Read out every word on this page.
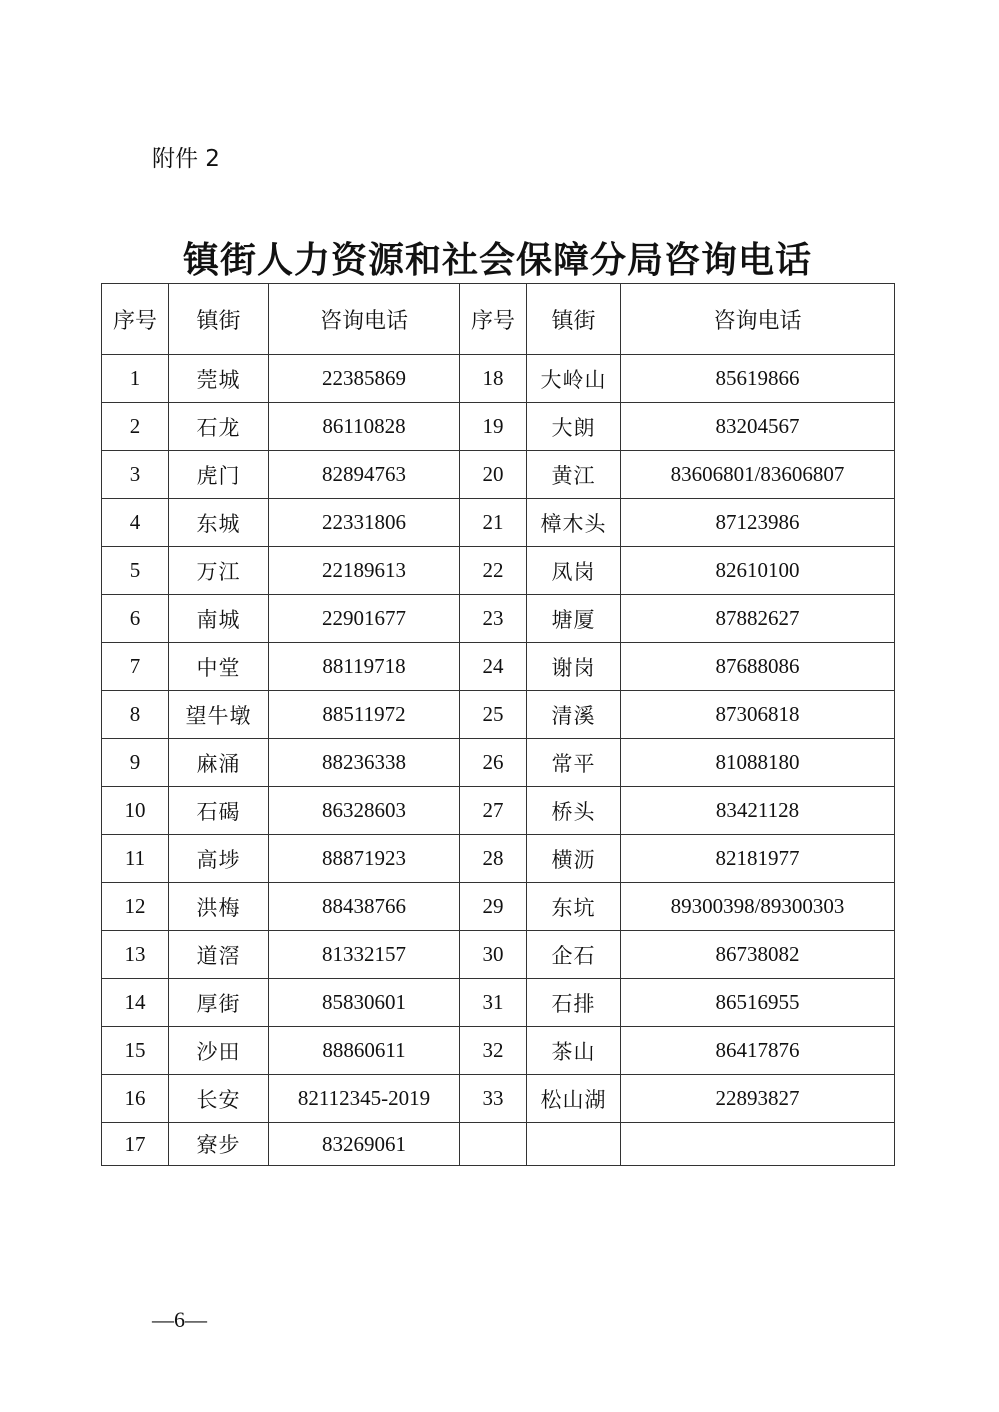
附件 2
镇街人力资源和社会保障分局咨询电话
序号	镇街	咨询电话	序号	镇街	咨询电话
1	莞城	22385869	18	大岭山	85619866
2	石龙	86110828	19	大朗	83204567
3	虎门	82894763	20	黄江	83606801/83606807
4	东城	22331806	21	樟木头	87123986
5	万江	22189613	22	凤岗	82610100
6	南城	22901677	23	塘厦	87882627
7	中堂	88119718	24	谢岗	87688086
8	望牛墩	88511972	25	清溪	87306818
9	麻涌	88236338	26	常平	81088180
10	石碣	86328603	27	桥头	83421128
11	高埗	88871923	28	横沥	82181977
12	洪梅	88438766	29	东坑	89300398/89300303
13	道滘	81332157	30	企石	86738082
14	厚街	85830601	31	石排	86516955
15	沙田	88860611	32	茶山	86417876
16	长安	82112345-2019	33	松山湖	22893827
17	寮步	83269061			
—6—
